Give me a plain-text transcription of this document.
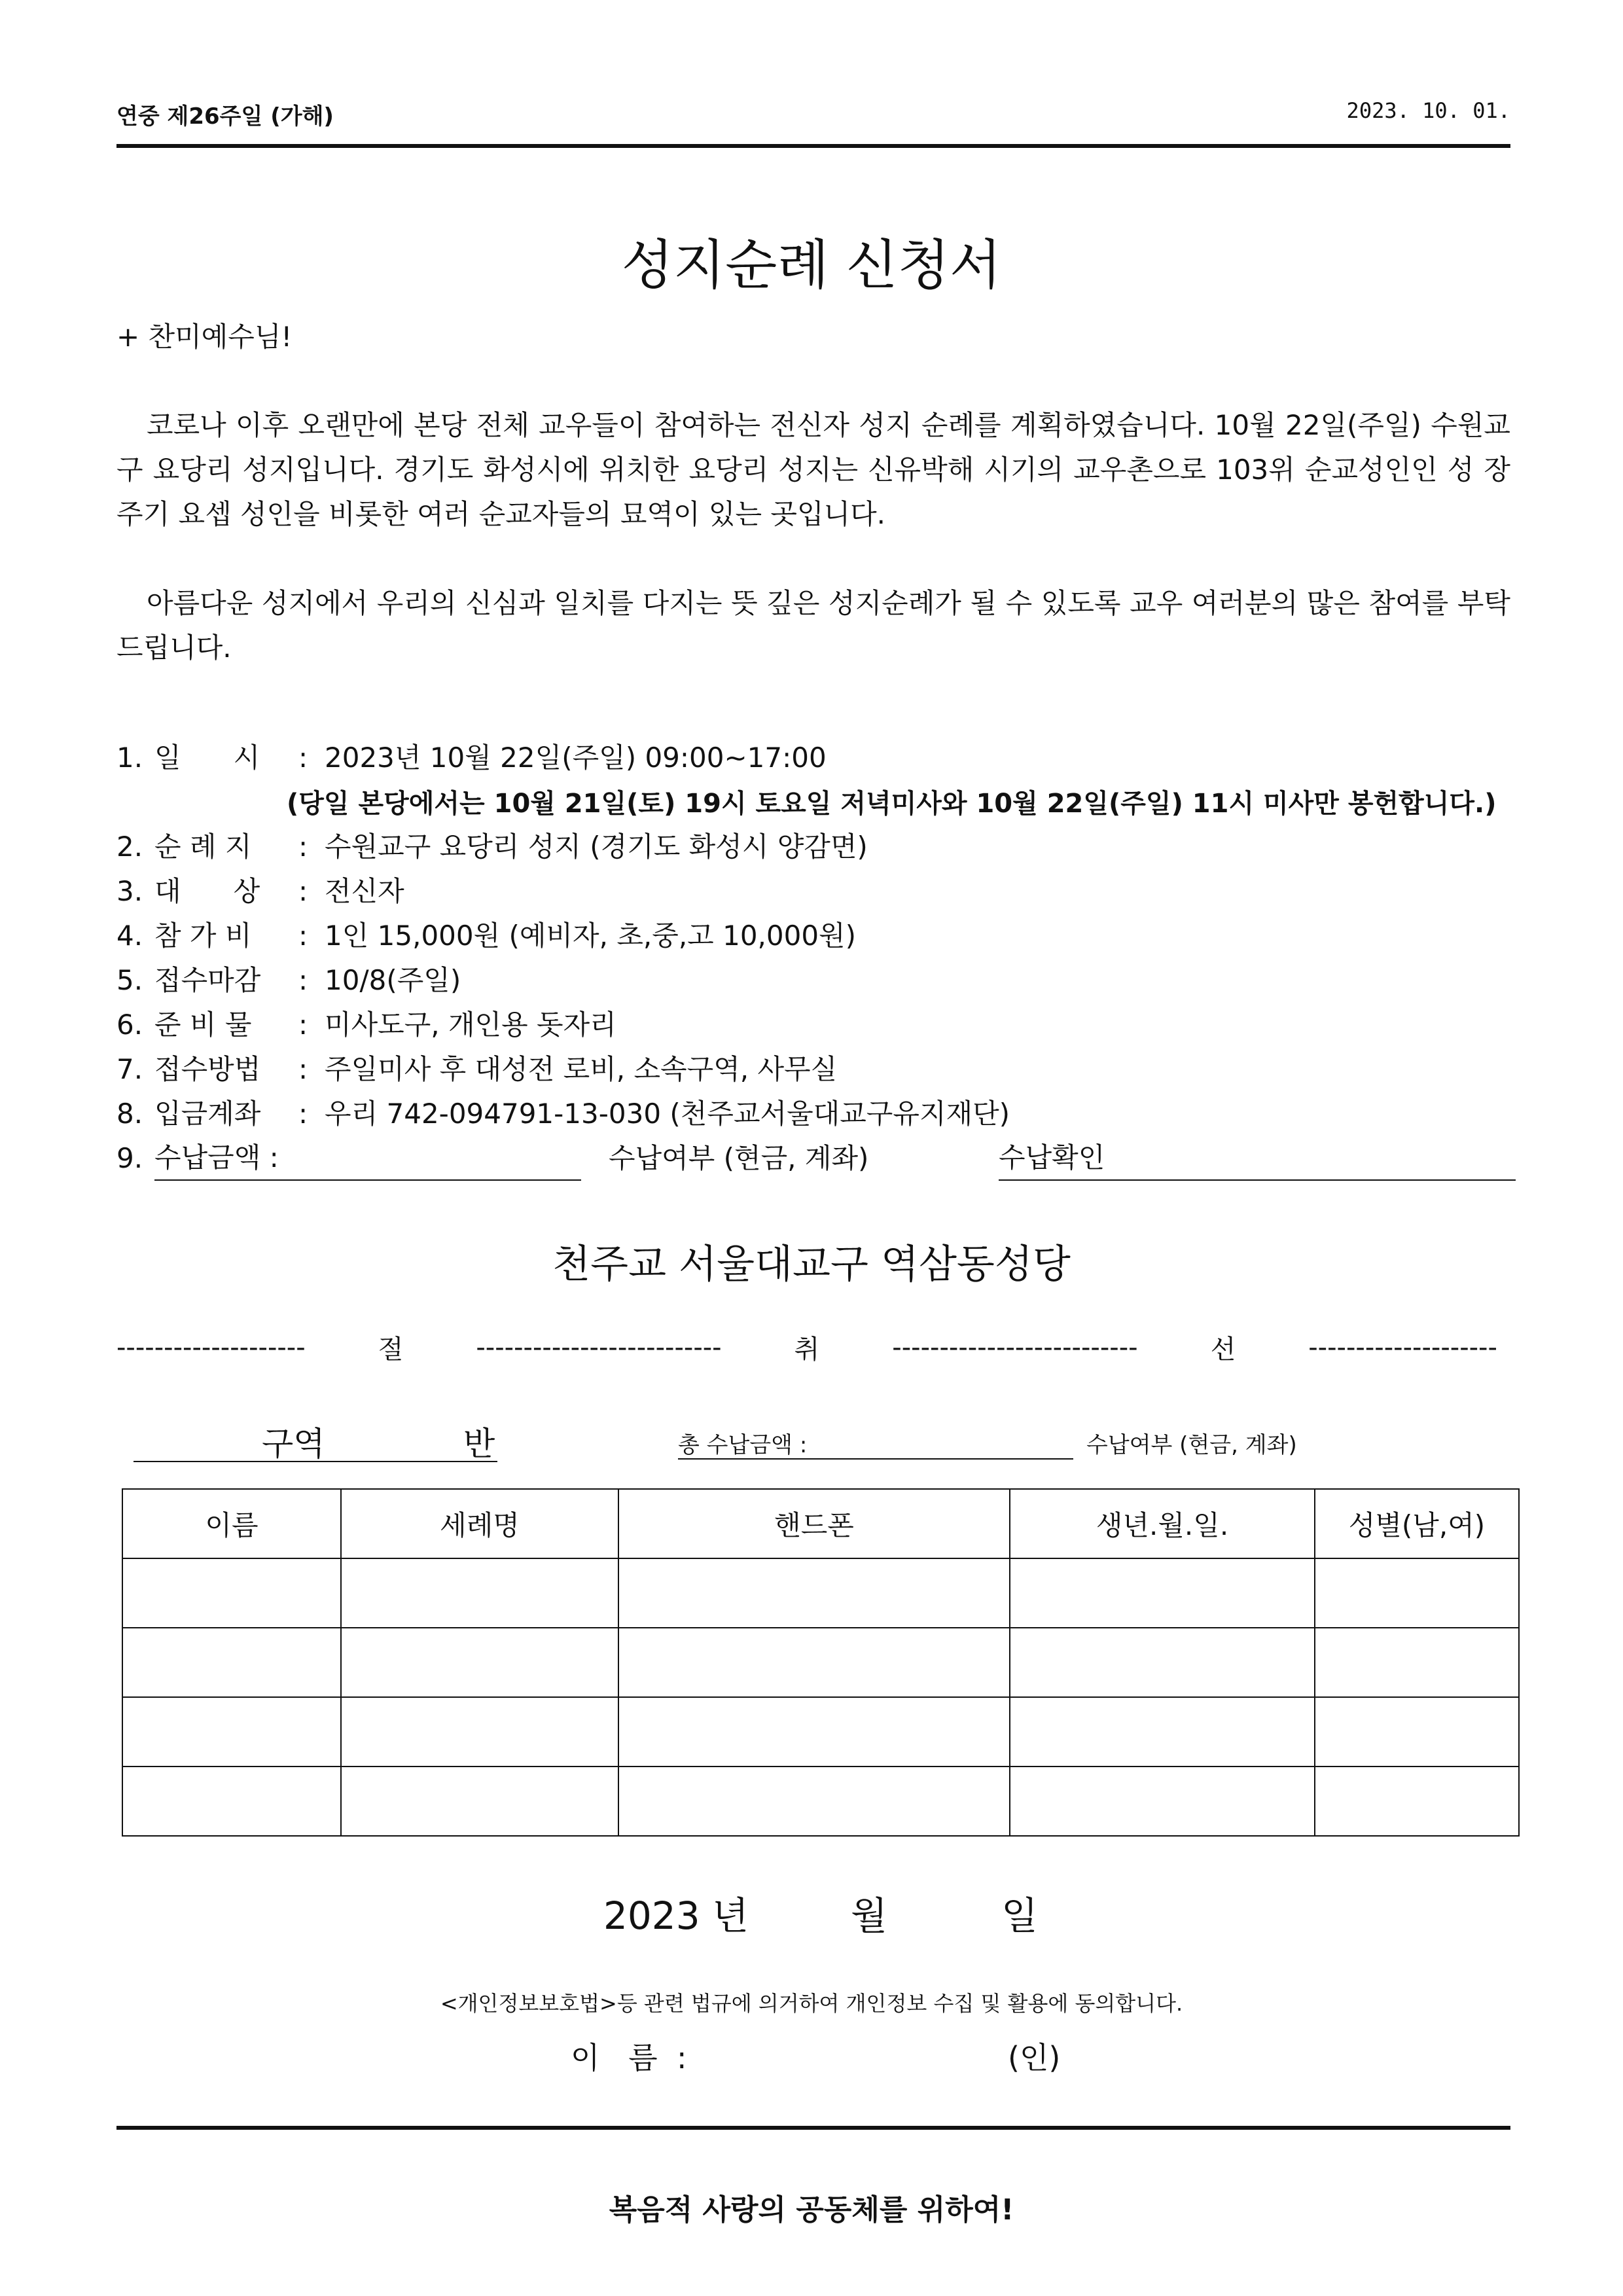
연중 제26주일 (가해)	2023. 10. 01.
성지순례 신청서
+ 찬미예수님!
코로나 이후 오랜만에 본당 전체 교우들이 참여하는 전신자 성지 순례를 계획하였습니다. 10월 22일(주일) 수원교구 요당리 성지입니다. 경기도 화성시에 위치한 요당리 성지는 신유박해 시기의 교우촌으로 103위 순교성인인 성 장주기 요셉 성인을 비롯한 여러 순교자들의 묘역이 있는 곳입니다.
아름다운 성지에서 우리의 신심과 일치를 다지는 뜻 깊은 성지순례가 될 수 있도록 교우 여러분의 많은 참여를 부탁드립니다.
1. 일      시 : 2023년 10월 22일(주일) 09:00~17:00
(당일 본당에서는 10월 21일(토) 19시 토요일 저녁미사와 10월 22일(주일) 11시 미사만 봉헌합니다.)
2. 순 례 지 : 수원교구 요당리 성지 (경기도 화성시 양감면)
3. 대      상 : 전신자
4. 참 가 비 : 1인 15,000원 (예비자, 초,중,고 10,000원)
5. 접수마감 : 10/8(주일)
6. 준 비 물 : 미사도구, 개인용 돗자리
7. 접수방법 : 주일미사 후 대성전 로비, 소속구역, 사무실
8. 입금계좌 : 우리 742-094791-13-030 (천주교서울대교구유지재단)
9. 수납금액 :	수납여부 (현금, 계좌)	수납확인
천주교 서울대교구 역삼동성당
--------------------	절	--------------------------	취	--------------------------	선	--------------------
구역	반	총 수납금액 :	수납여부 (현금, 계좌)
이름	세례명	핸드폰	생년.월.일.	성별(남,여)

2023 년	월	일
<개인정보보호법>등 관련 법규에 의거하여 개인정보 수집 및 활용에 동의합니다.
이   름  :	(인)
복음적 사랑의 공동체를 위하여!
